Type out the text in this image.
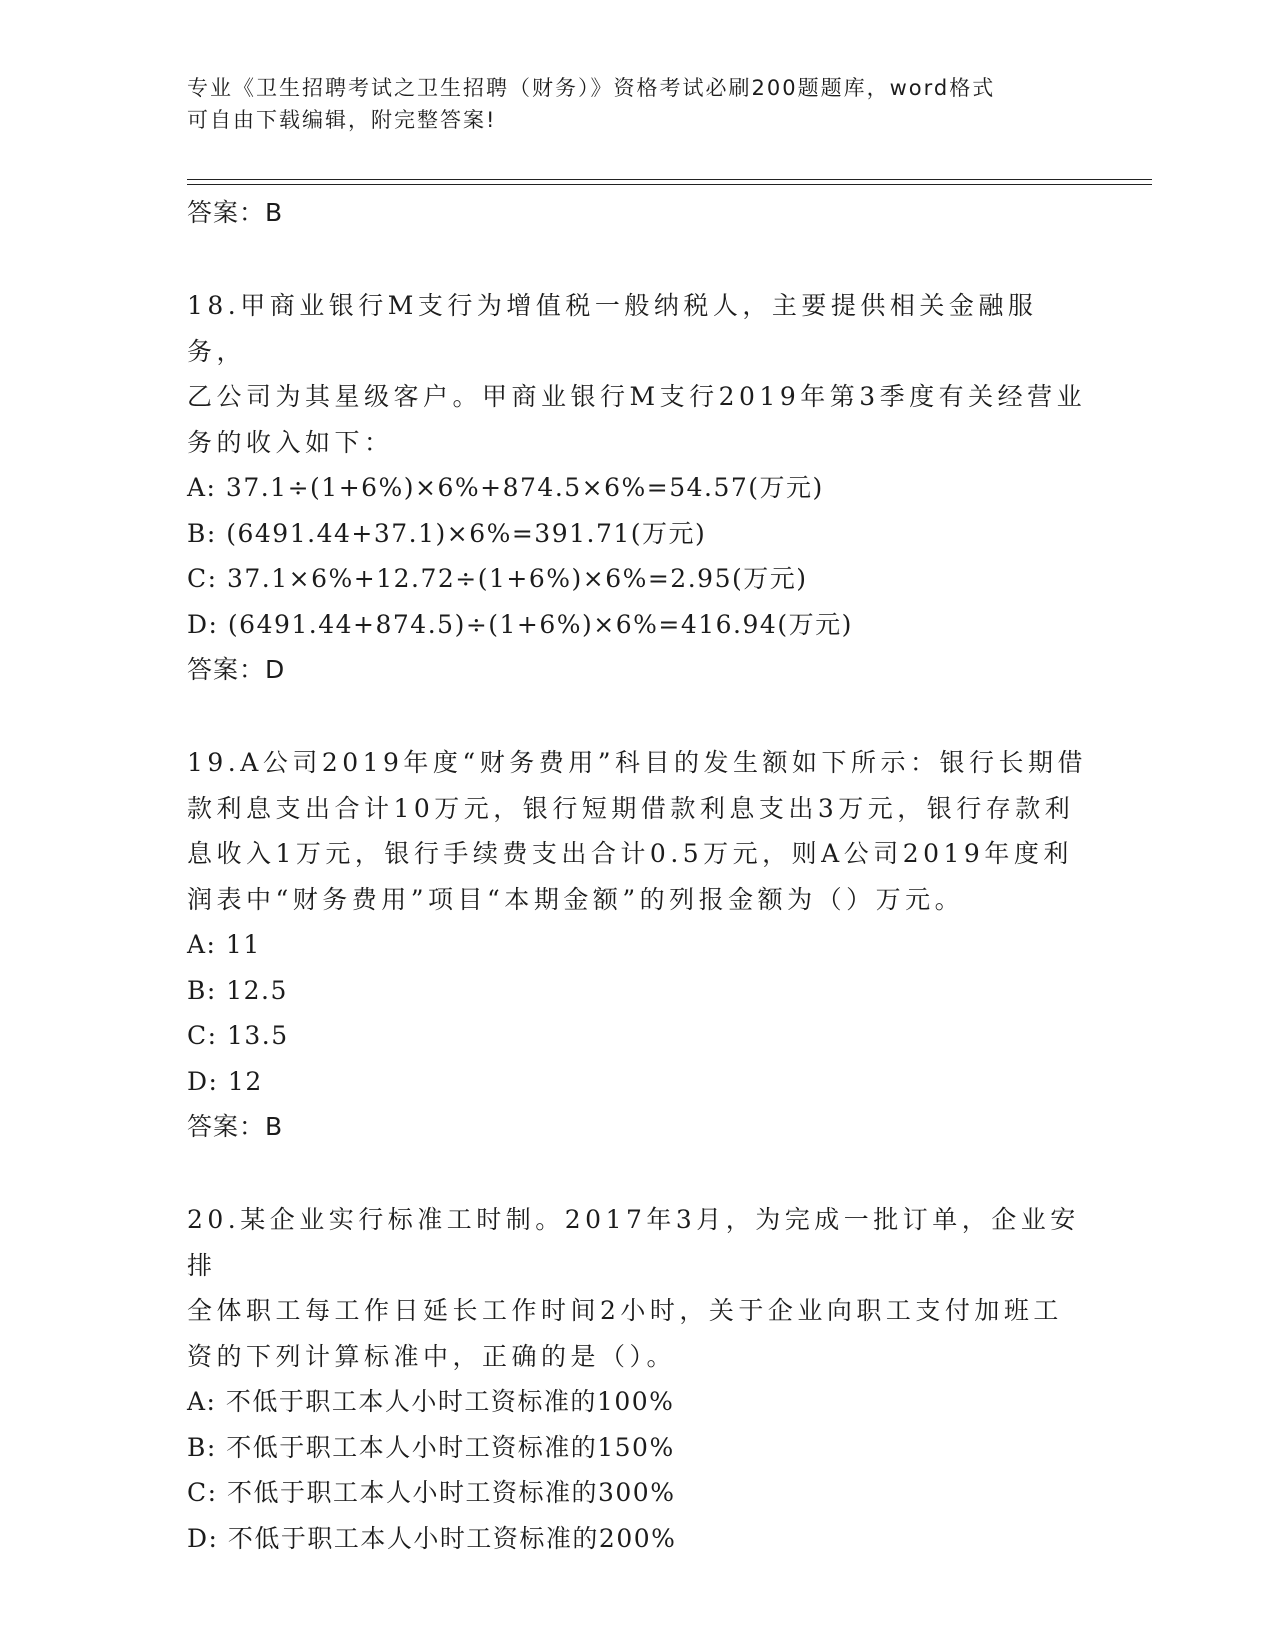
专业《卫生招聘考试之卫生招聘（财务）》资格考试必刷200题题库，word格式
可自由下载编辑，附完整答案!
答案：B
18.甲商业银行M支行为增值税一般纳税人，主要提供相关金融服务，
乙公司为其星级客户。甲商业银行M支行2019年第3季度有关经营业
务的收入如下：
A: 37.1÷(1+6%)×6%+874.5×6%=54.57(万元)
B: (6491.44+37.1)×6%=391.71(万元)
C: 37.1×6%+12.72÷(1+6%)×6%=2.95(万元)
D: (6491.44+874.5)÷(1+6%)×6%=416.94(万元)
答案：D
19.A公司2019年度“财务费用”科目的发生额如下所示：银行长期借
款利息支出合计10万元，银行短期借款利息支出3万元，银行存款利
息收入1万元，银行手续费支出合计0.5万元，则A公司2019年度利
润表中“财务费用”项目“本期金额”的列报金额为（）万元。
A: 11
B: 12.5
C: 13.5
D: 12
答案：B
20.某企业实行标准工时制。2017年3月，为完成一批订单，企业安排
全体职工每工作日延长工作时间2小时，关于企业向职工支付加班工
资的下列计算标准中，正确的是（）。
A: 不低于职工本人小时工资标准的100%
B: 不低于职工本人小时工资标准的150%
C: 不低于职工本人小时工资标准的300%
D: 不低于职工本人小时工资标准的200%
